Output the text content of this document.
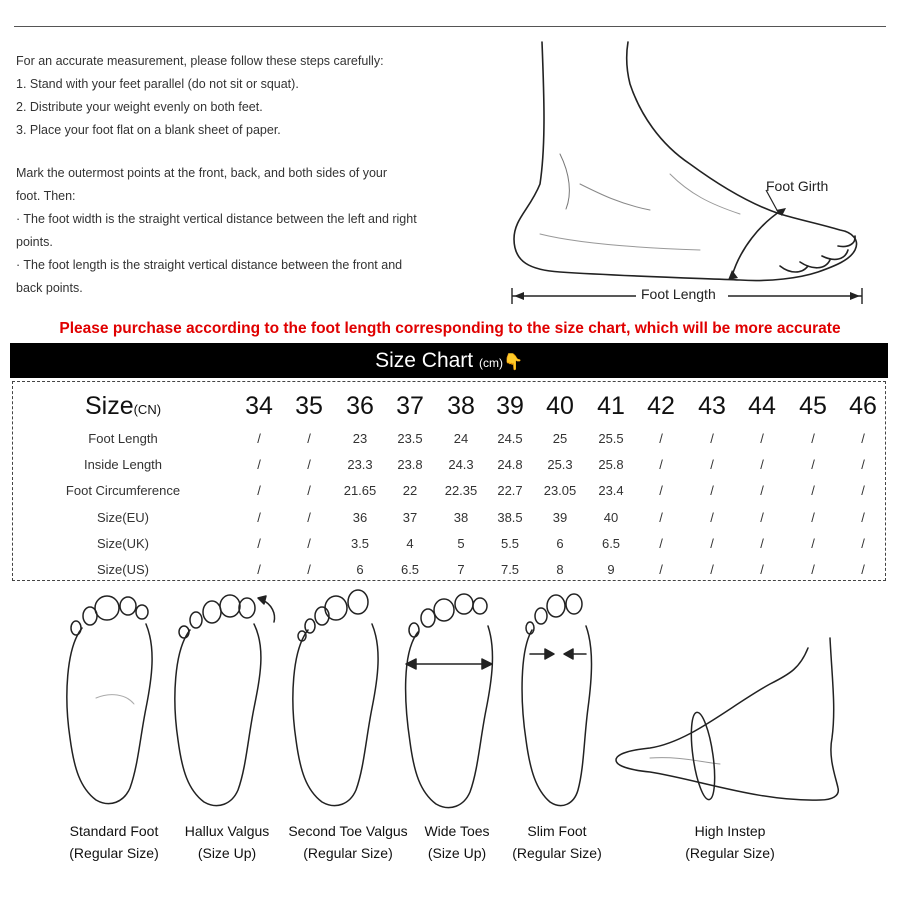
For an accurate measurement, please follow these steps carefully:

1. Stand with your feet parallel (do not sit or squat).

2. Distribute your weight evenly on both feet.

3. Place your foot flat on a blank sheet of paper.

Mark the outermost points at the front, back, and both sides of your

foot. Then:

· The foot width is the straight vertical distance between the left and right

points.

· The foot length is the straight vertical distance between the front and

back points.

Foot Girth
Foot Length
Please purchase according to the foot length corresponding to the size chart, which will be more accurate
Size Chart (cm)👇
Size(CN)	34 35 36 37 38 39 40 41 42 43 44 45 46
Foot Length	/	/	23 23.5 24 24.5 25 25.5	/	/	/	/	/
Inside Length	/	/	23.3 23.8 24.3 24.8 25.3 25.8	/	/	/	/	/
Foot Circumference	/	/	21.65 22 22.35 22.7 23.05 23.4	/	/	/	/	/
Size(EU)	/	/	36	37	38 38.5 39	40	/	/	/	/	/
Size(UK)	/	/	3.5	4	5	5.5	6	6.5	/	/	/	/	/
Size(US)	/	/	6	6.5	7	7.5	8	9	/	/	/	/	/
Standard Foot
(Regular Size)
Hallux Valgus
(Size Up)
Second Toe Valgus
(Regular Size)
Wide Toes
(Size Up)
Slim Foot
(Regular Size)
High Instep
(Regular Size)
